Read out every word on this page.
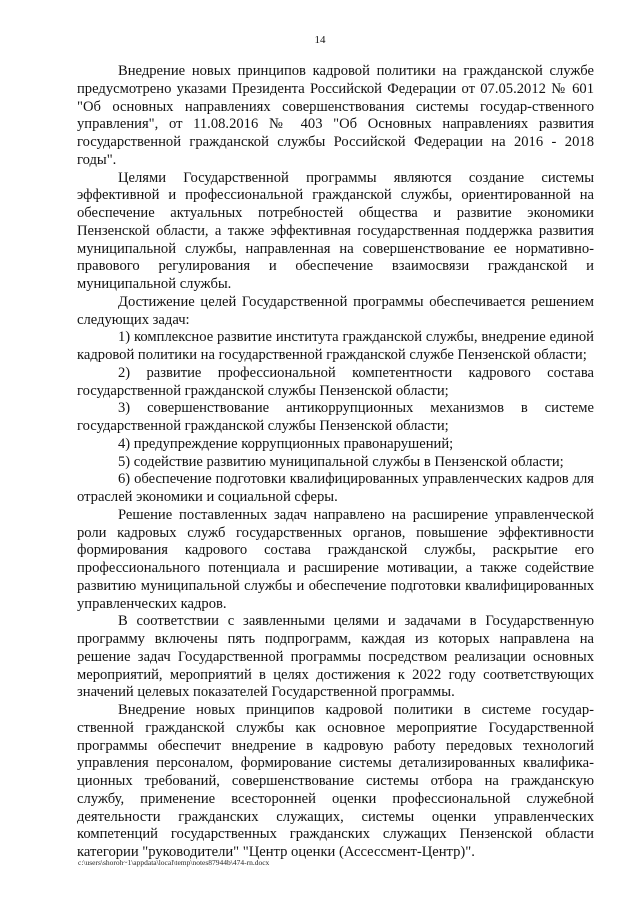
14

Внедрение новых принципов кадровой политики на гражданской службе предусмотрено указами Президента Российской Федерации от 07.05.2012 № 601 "Об основных направлениях совершенствования системы государ-ственного управления", от 11.08.2016 № 403 "Об Основных направлениях развития государственной гражданской службы Российской Федерации на 2016 - 2018 годы".

Целями Государственной программы являются создание системы эффективной и профессиональной гражданской службы, ориентированной на обеспечение актуальных потребностей общества и развитие экономики Пензенской области, а также эффективная государственная поддержка развития муниципальной службы, направленная на совершенствование ее нормативно-правового регулирования и обеспечение взаимосвязи гражданской и муниципальной службы.

Достижение целей Государственной программы обеспечивается решением следующих задач:

1) комплексное развитие института гражданской службы, внедрение единой кадровой политики на государственной гражданской службе Пензенской области;

2) развитие профессиональной компетентности кадрового состава государственной гражданской службы Пензенской области;

3) совершенствование антикоррупционных механизмов в системе государственной гражданской службы Пензенской области;

4) предупреждение коррупционных правонарушений;

5) содействие развитию муниципальной службы в Пензенской области;

6) обеспечение подготовки квалифицированных управленческих кадров для отраслей экономики и социальной сферы.

Решение поставленных задач направлено на расширение управленческой роли кадровых служб государственных органов, повышение эффективности формирования кадрового состава гражданской службы, раскрытие его профессионального потенциала и расширение мотивации, а также содействие развитию муниципальной службы и обеспечение подготовки квалифицированных управленческих кадров.

В соответствии с заявленными целями и задачами в Государственную программу включены пять подпрограмм, каждая из которых направлена на решение задач Государственной программы посредством реализации основных мероприятий, мероприятий в целях достижения к 2022 году соответствующих значений целевых показателей Государственной программы.

Внедрение новых принципов кадровой политики в системе государ-ственной гражданской службы как основное мероприятие Государственной программы обеспечит внедрение в кадровую работу передовых технологий управления персоналом, формирование системы детализированных квалифика-ционных требований, совершенствование системы отбора на гражданскую службу, применение всесторонней оценки профессиональной служебной деятельности гражданских служащих, системы оценки управленческих компетенций государственных гражданских служащих Пензенской области категории "руководители" "Центр оценки (Ассессмент-Центр)".

c:\users\shoroh~1\appdata\local\temp\notes87944b\474-rn.docx
